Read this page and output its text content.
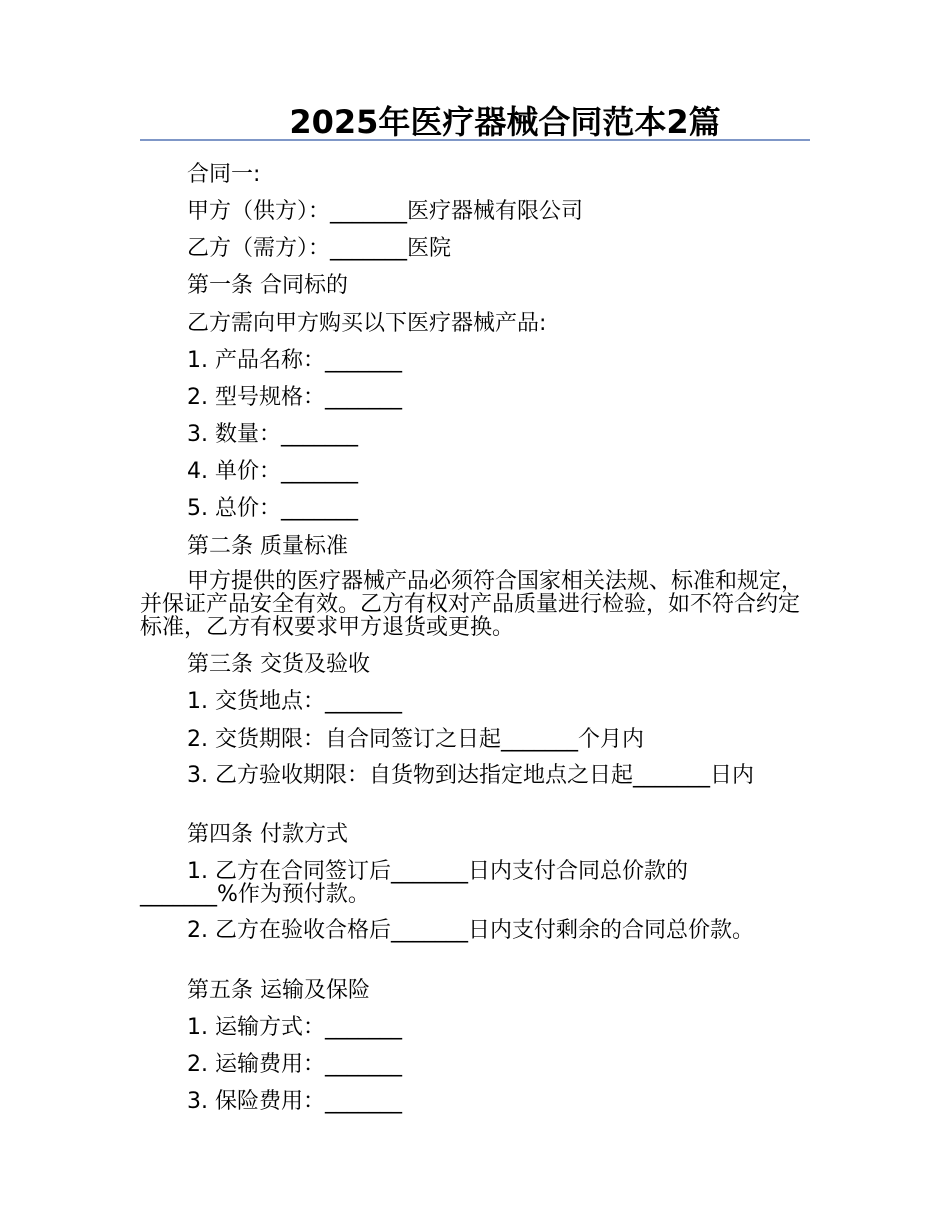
2025年医疗器械合同范本2篇
合同一:
甲方（供方）：_______医疗器械有限公司
乙方（需方）：_______医院
第一条 合同标的
乙方需向甲方购买以下医疗器械产品:
1. 产品名称：_______
2. 型号规格：_______
3. 数量：_______
4. 单价：_______
5. 总价：_______
第二条 质量标准
甲方提供的医疗器械产品必须符合国家相关法规、标准和规定，并保证产品安全有效。乙方有权对产品质量进行检验，如不符合约定标准，乙方有权要求甲方退货或更换。
第三条 交货及验收
1. 交货地点：_______
2. 交货期限：自合同签订之日起_______个月内
3. 乙方验收期限：自货物到达指定地点之日起_______日内
第四条 付款方式
1. 乙方在合同签订后_______日内支付合同总价款的_______%作为预付款。
2. 乙方在验收合格后_______日内支付剩余的合同总价款。
第五条 运输及保险
1. 运输方式：_______
2. 运输费用：_______
3. 保险费用：_______
